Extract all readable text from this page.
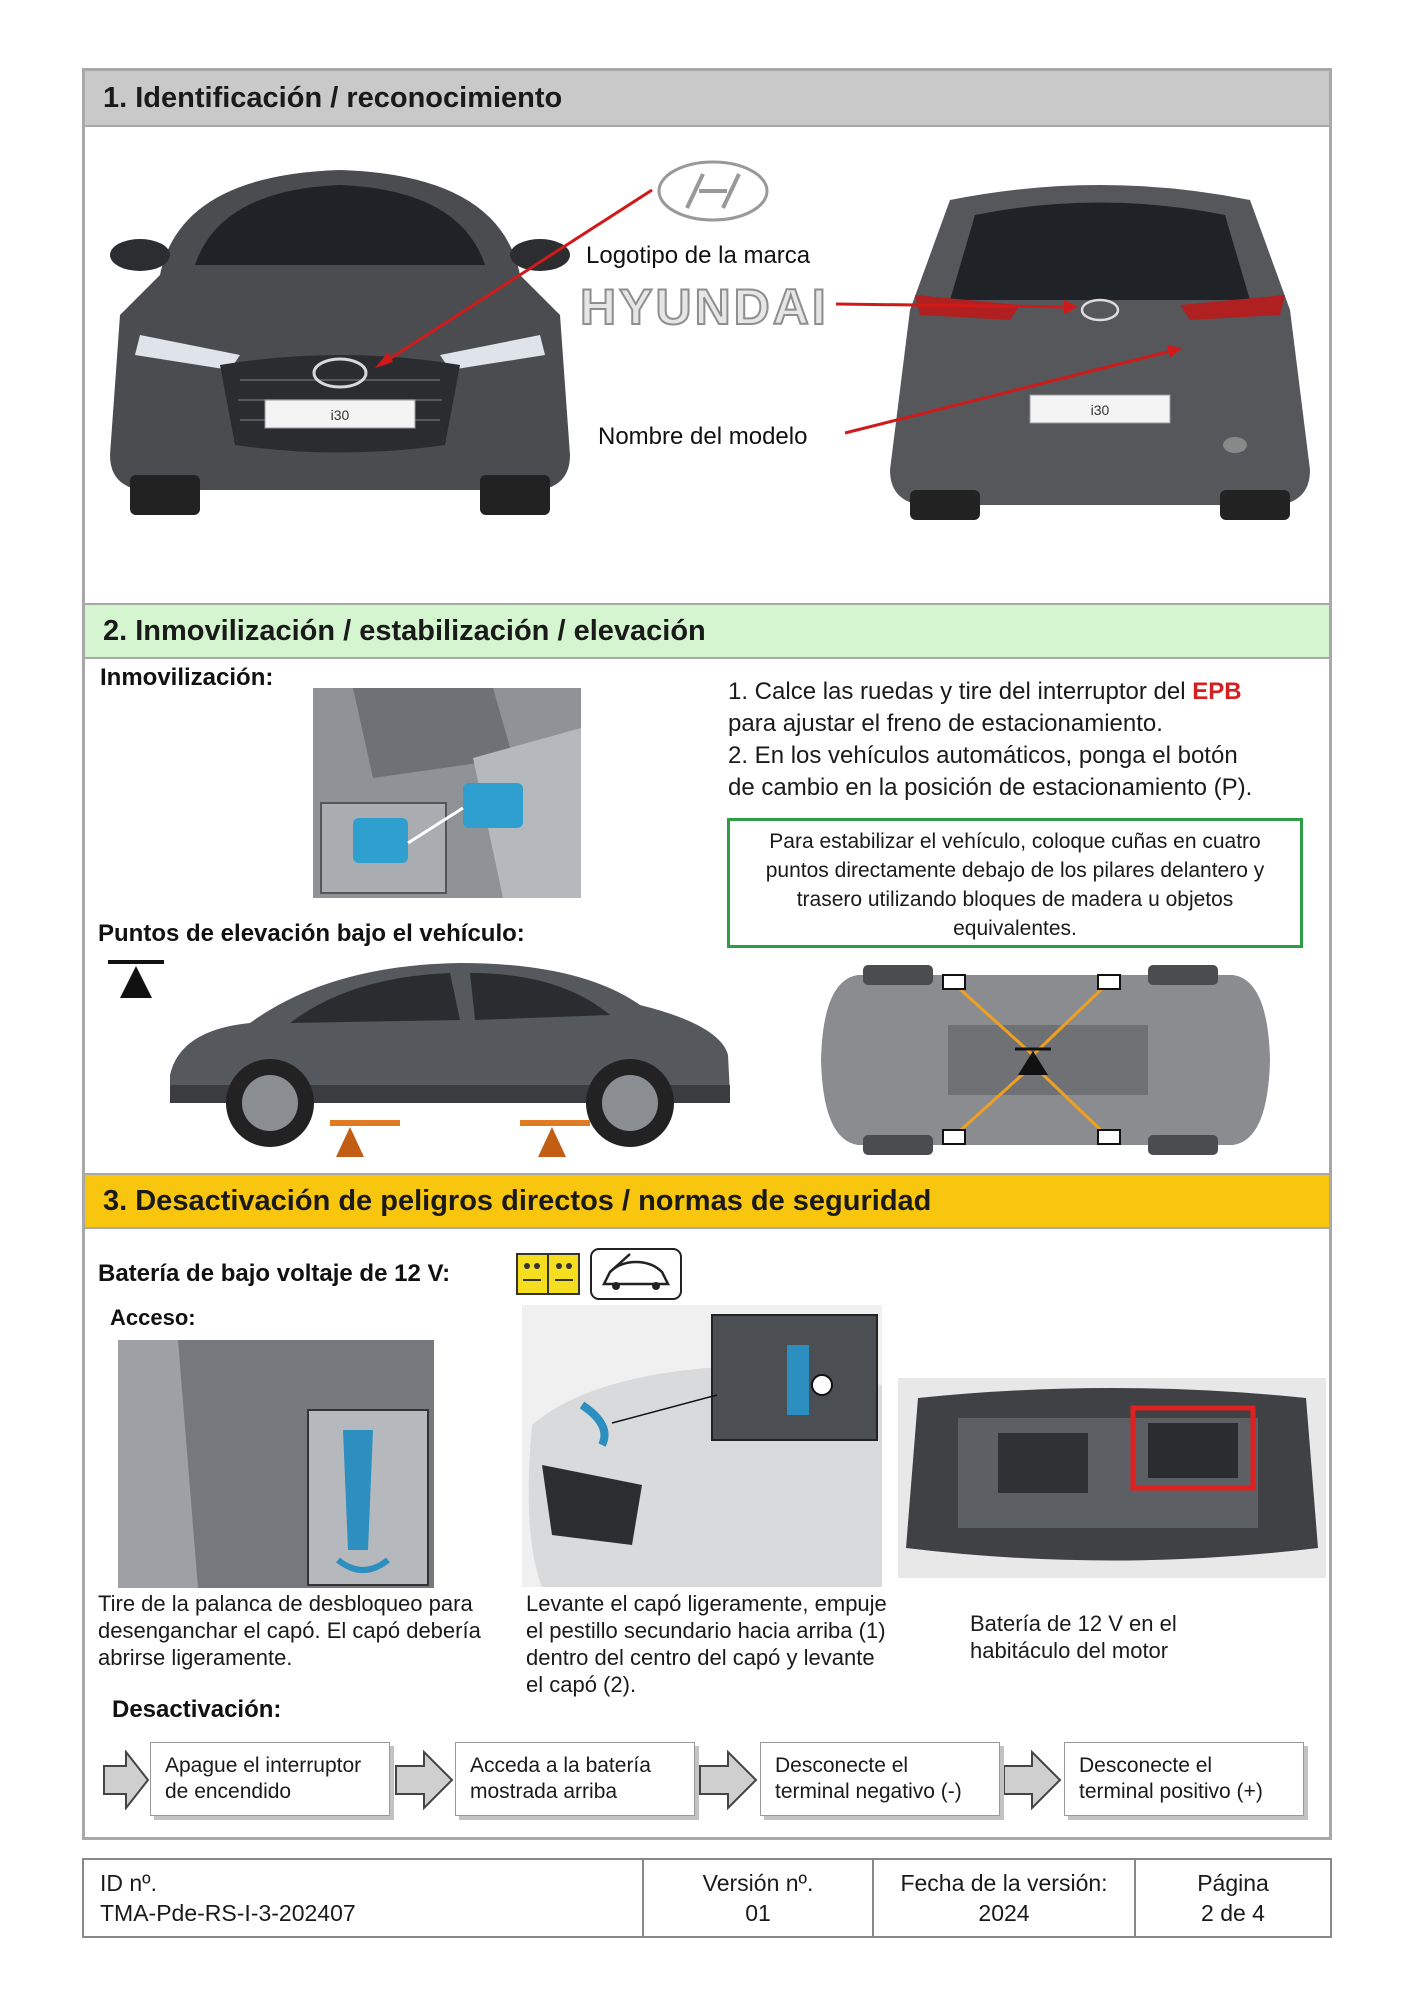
1. Identificación / reconocimiento
i30	i30
Logotipo de la marca
HYUNDAI
Nombre del modelo
2. Inmovilización / estabilización / elevación
Inmovilización:
1. Calce las ruedas y tire del interruptor del EPB
para ajustar el freno de estacionamiento.
2. En los vehículos automáticos, ponga el botón
de cambio en la posición de estacionamiento (P).
Para estabilizar el vehículo, coloque cuñas en cuatro puntos directamente debajo de los pilares delantero y trasero utilizando bloques de madera u objetos equivalentes.
Puntos de elevación bajo el vehículo:
3. Desactivación de peligros directos / normas de seguridad
Batería de bajo voltaje de 12 V:
Acceso:
Tire de la palanca de desbloqueo para desenganchar el capó. El capó debería abrirse ligeramente.
Levante el capó ligeramente, empuje el pestillo secundario hacia arriba (1) dentro del centro del capó y levante el capó (2).
Batería de 12 V en el habitáculo del motor
Desactivación:
Apague el interruptor de encendido
Acceda a la batería mostrada arriba
Desconecte el terminal negativo (-)
Desconecte el terminal positivo (+)
ID nº.
TMA-Pde-RS-I-3-202407
Versión nº.
01
Fecha de la versión:
2024
Página
2 de 4
